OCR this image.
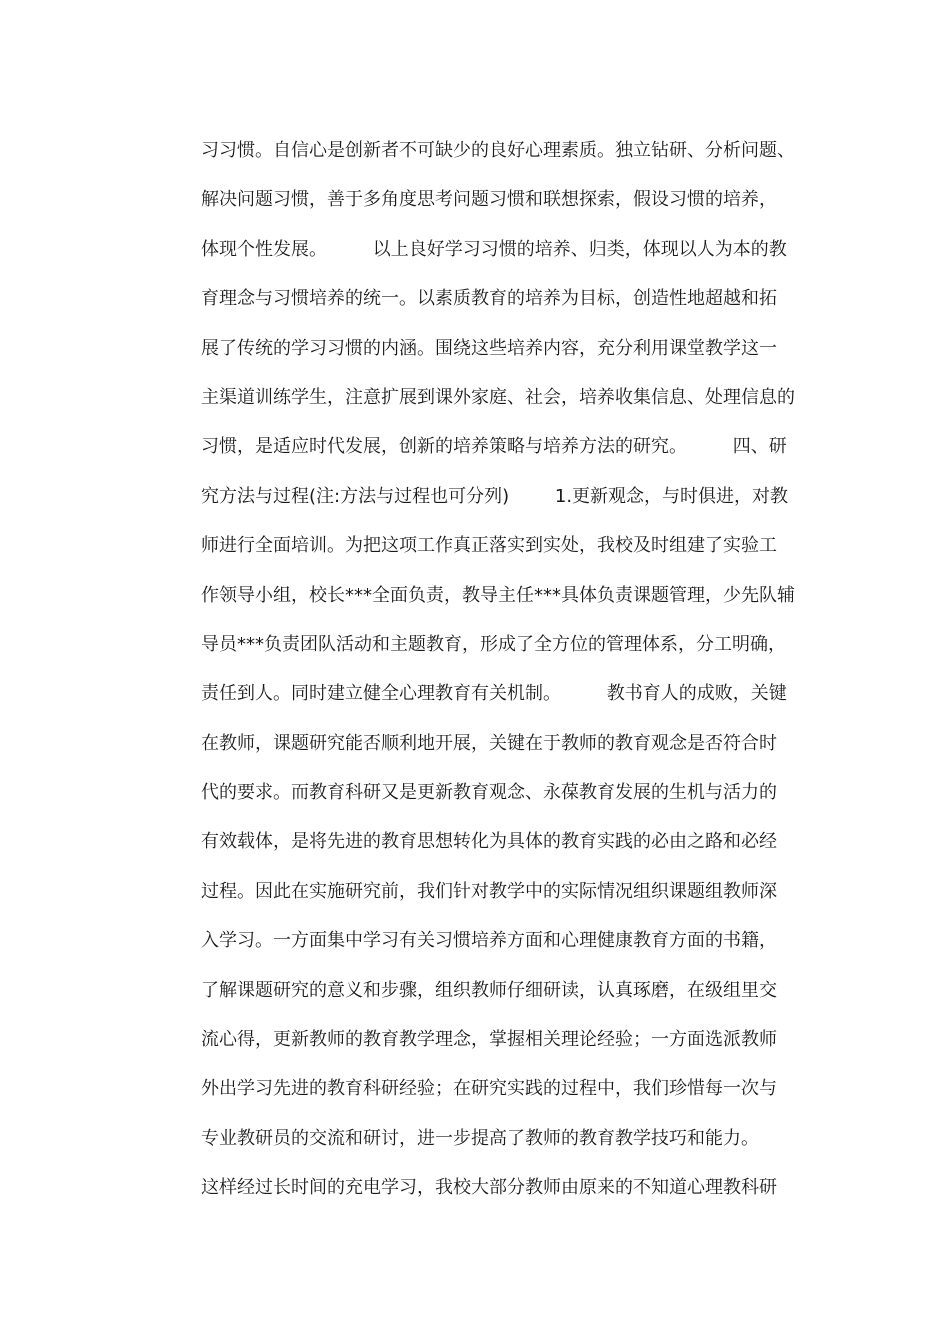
习习惯。自信心是创新者不可缺少的良好心理素质。独立钻研、分析问题、
解决问题习惯，善于多角度思考问题习惯和联想探索，假设习惯的培养，
体现个性发展。        以上良好学习习惯的培养、归类，体现以人为本的教
育理念与习惯培养的统一。以素质教育的培养为目标，创造性地超越和拓
展了传统的学习习惯的内涵。围绕这些培养内容，充分利用课堂教学这一
主渠道训练学生，注意扩展到课外家庭、社会，培养收集信息、处理信息的
习惯，是适应时代发展，创新的培养策略与培养方法的研究。        四、研
究方法与过程(注:方法与过程也可分列)        1.更新观念，与时俱进，对教
师进行全面培训。为把这项工作真正落实到实处，我校及时组建了实验工
作领导小组，校长***全面负责，教导主任***具体负责课题管理，少先队辅
导员***负责团队活动和主题教育，形成了全方位的管理体系，分工明确，
责任到人。同时建立健全心理教育有关机制。        教书育人的成败，关键
在教师，课题研究能否顺利地开展，关键在于教师的教育观念是否符合时
代的要求。而教育科研又是更新教育观念、永葆教育发展的生机与活力的
有效载体，是将先进的教育思想转化为具体的教育实践的必由之路和必经
过程。因此在实施研究前，我们针对教学中的实际情况组织课题组教师深
入学习。一方面集中学习有关习惯培养方面和心理健康教育方面的书籍，
了解课题研究的意义和步骤，组织教师仔细研读，认真琢磨，在级组里交
流心得，更新教师的教育教学理念，掌握相关理论经验；一方面选派教师
外出学习先进的教育科研经验；在研究实践的过程中，我们珍惜每一次与
专业教研员的交流和研讨，进一步提高了教师的教育教学技巧和能力。
这样经过长时间的充电学习，我校大部分教师由原来的不知道心理教科研
